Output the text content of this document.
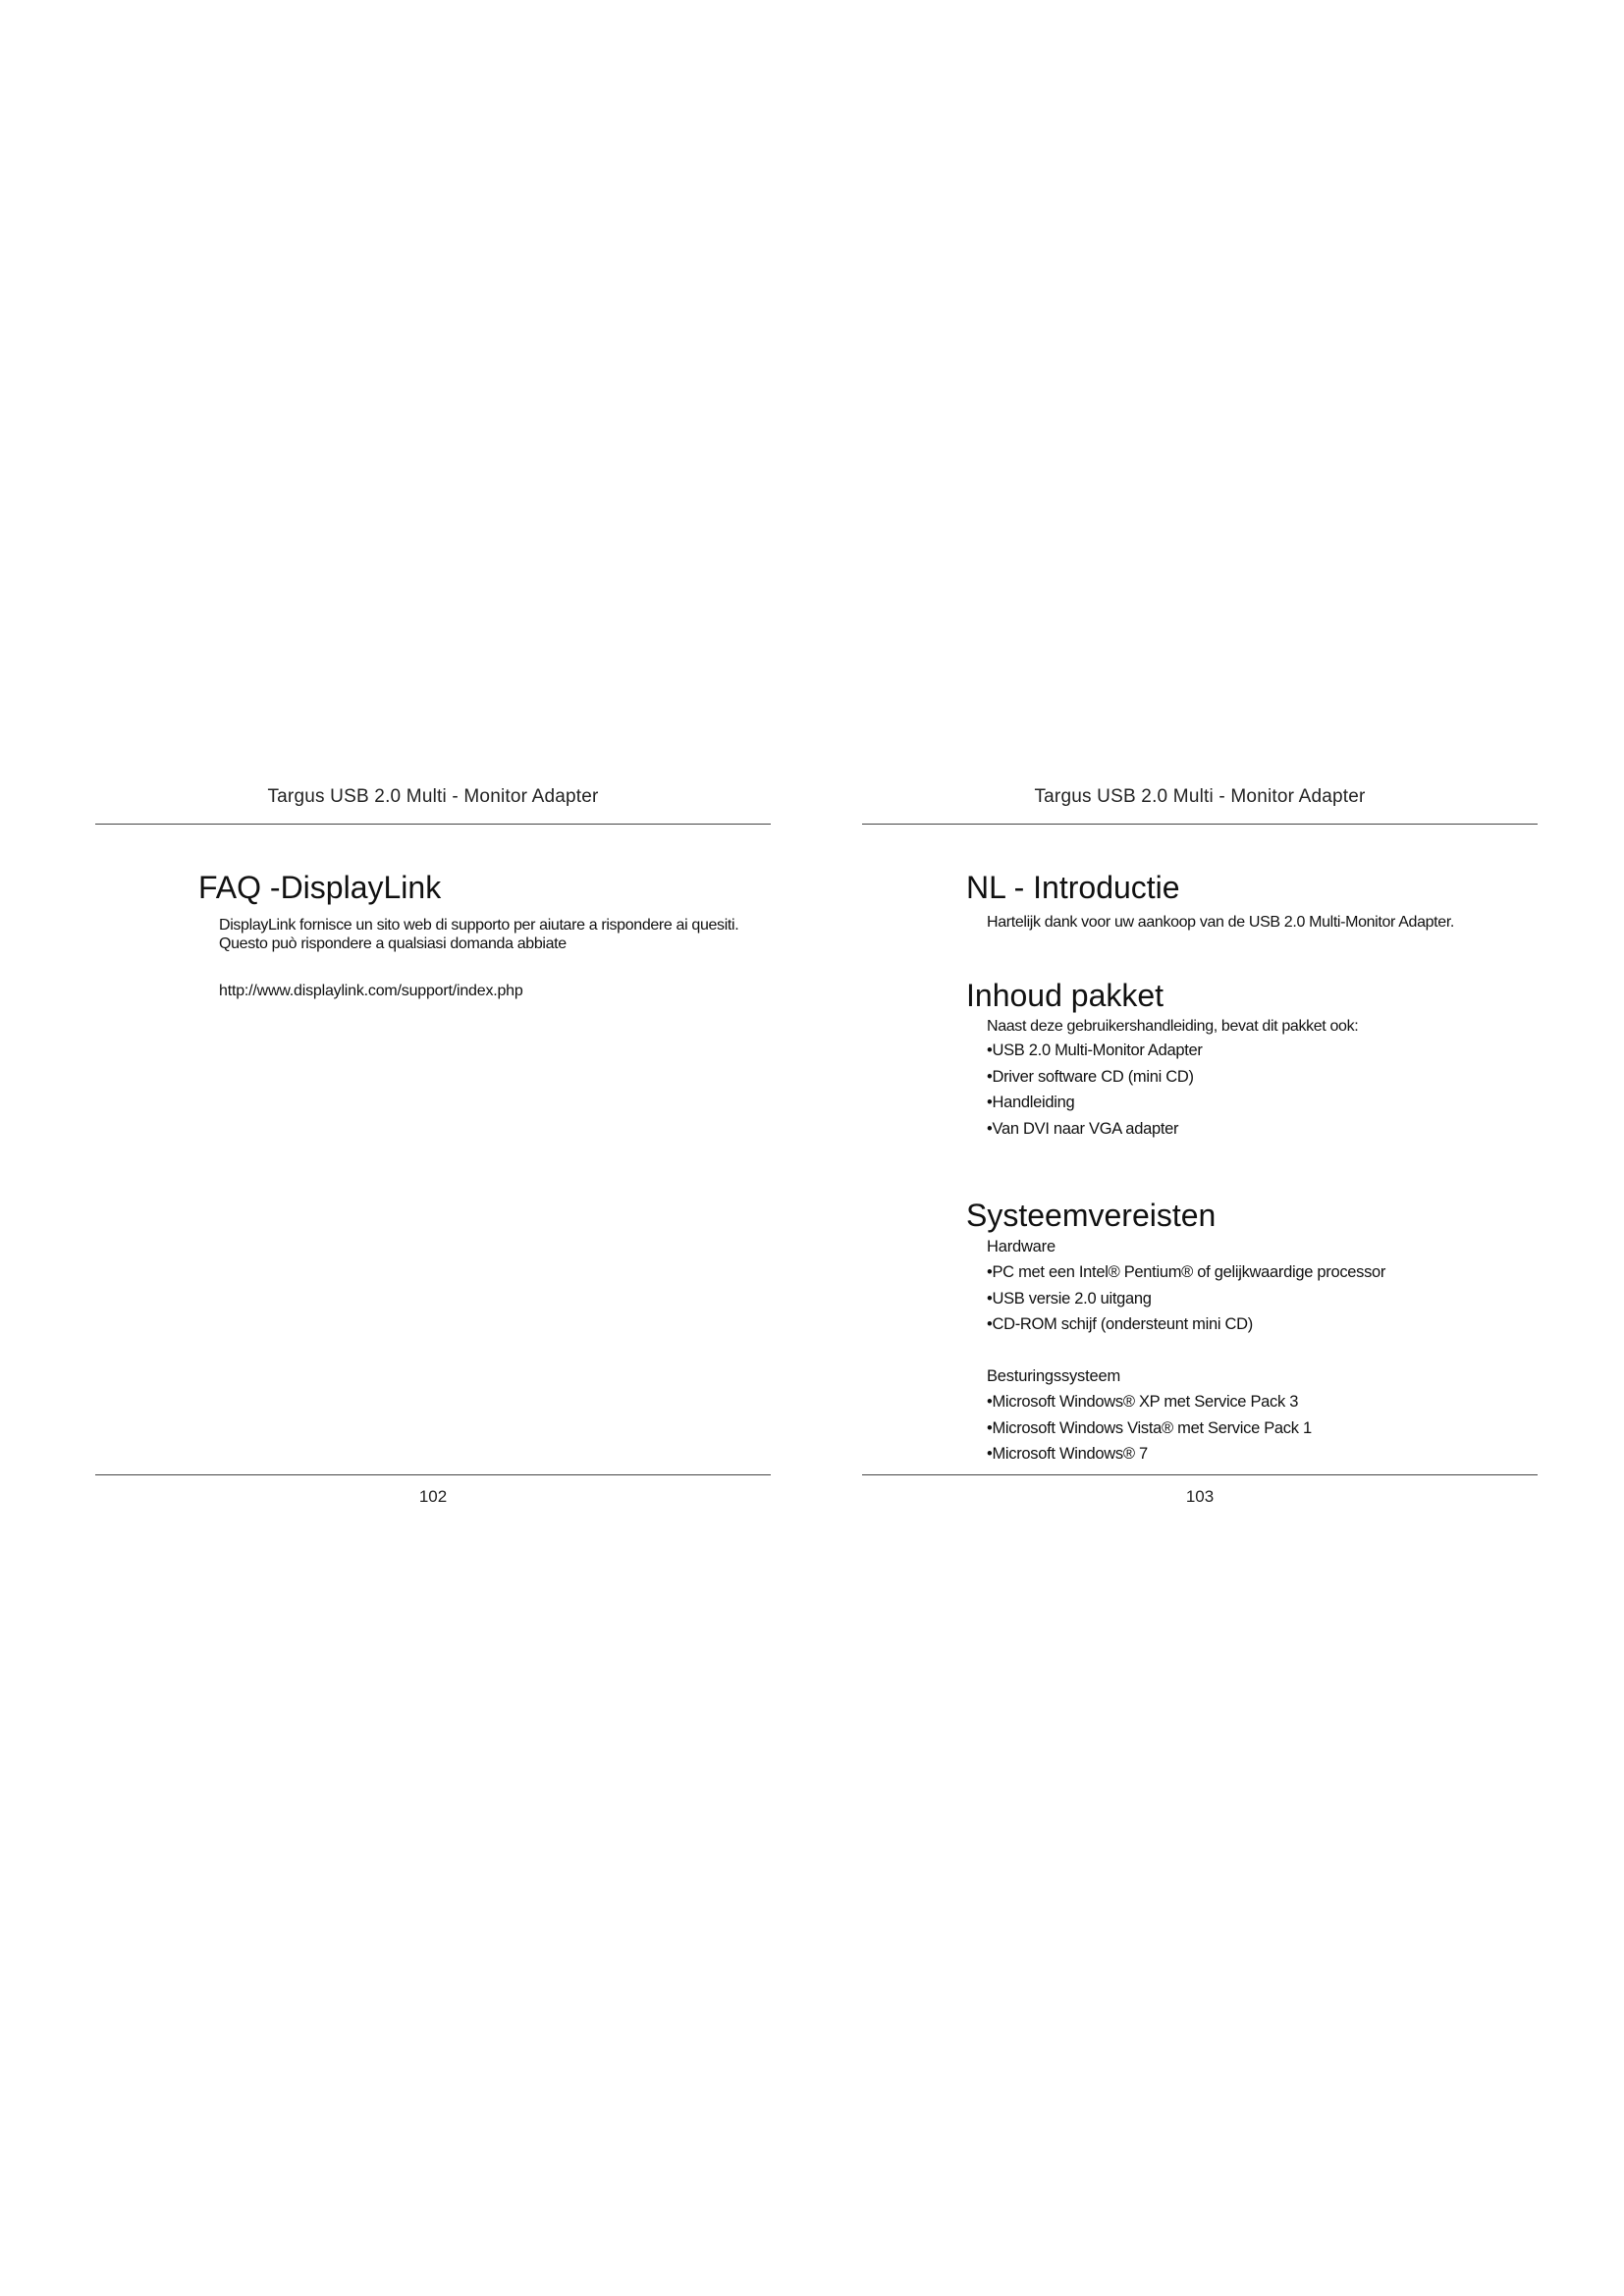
Targus USB 2.0 Multi - Monitor Adapter
FAQ -DisplayLink
DisplayLink fornisce un sito web di supporto per aiutare a rispondere ai quesiti.
Questo può rispondere a qualsiasi domanda abbiate
http://www.displaylink.com/support/index.php
102
Targus USB 2.0 Multi - Monitor Adapter
NL - Introductie
Hartelijk dank voor uw aankoop van de USB 2.0 Multi-Monitor Adapter.
Inhoud pakket
Naast deze gebruikershandleiding, bevat dit pakket ook:
•USB 2.0 Multi-Monitor Adapter
•Driver software CD (mini CD)
•Handleiding
•Van DVI naar VGA adapter
Systeemvereisten
Hardware
•PC met een Intel® Pentium® of gelijkwaardige processor
•USB versie 2.0 uitgang
•CD-ROM schijf (ondersteunt mini CD)
Besturingssysteem
•Microsoft Windows® XP met Service Pack 3
•Microsoft Windows Vista® met Service Pack 1
•Microsoft Windows® 7
103
